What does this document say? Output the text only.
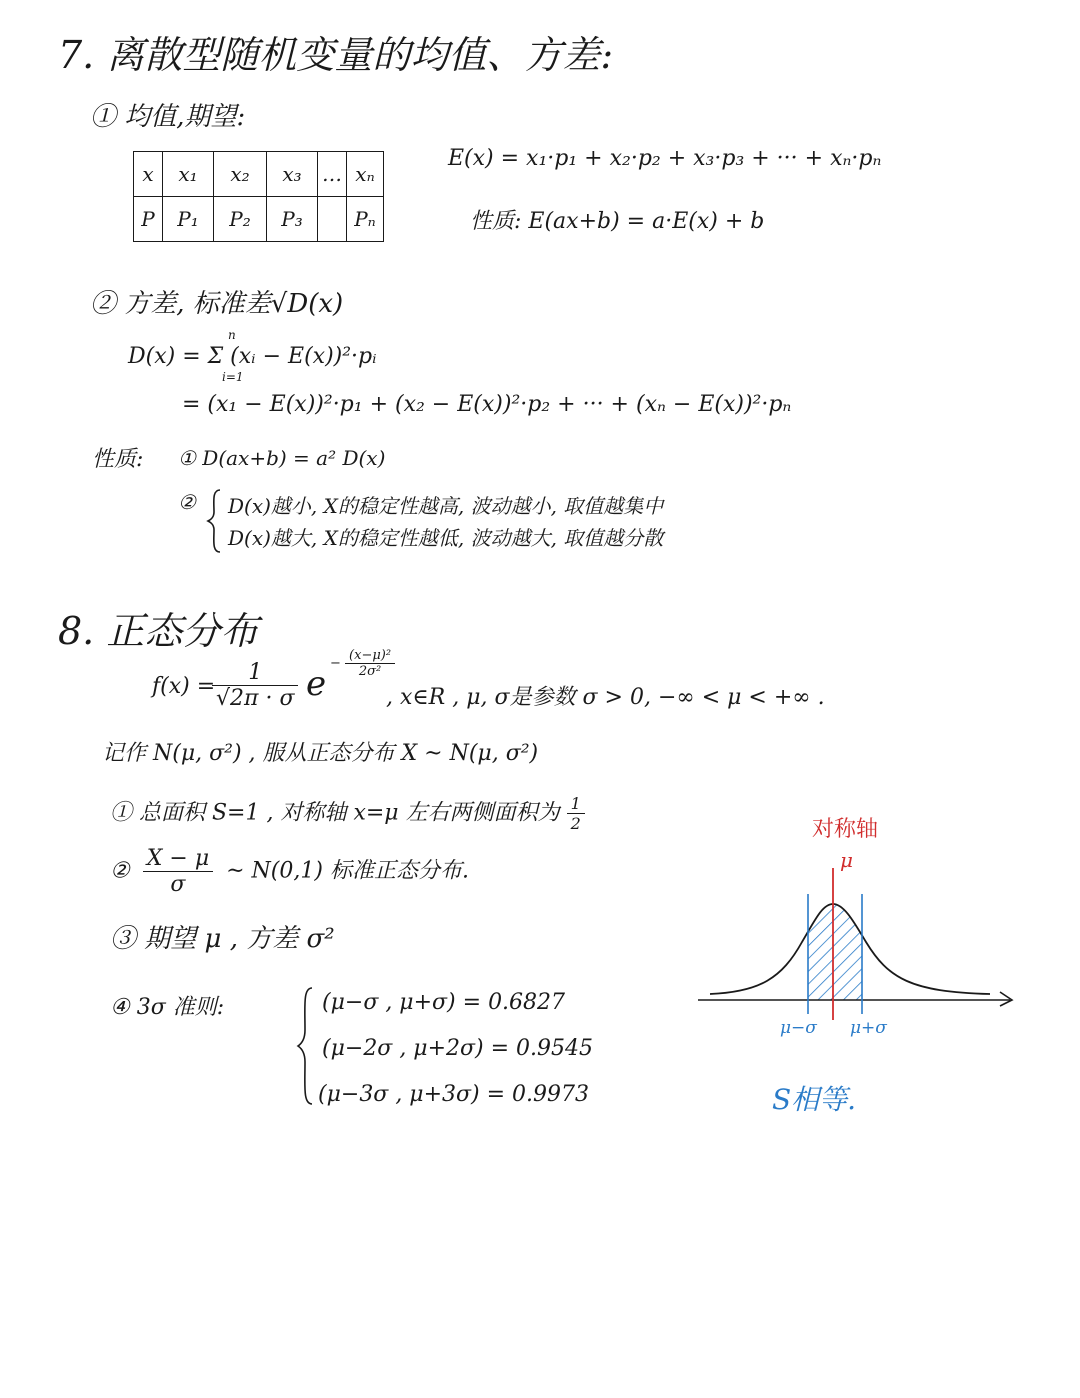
7. 离散型随机变量的均值、方差:
① 均值,期望:
x	x₁	x₂	x₃	…	xₙ
P	P₁	P₂	P₃		Pₙ
E(x) = x₁·p₁ + x₂·p₂ + x₃·p₃ + ··· + xₙ·pₙ
性质: E(ax+b) = a·E(x) + b
② 方差, 标准差√D(x)
D(x) = Σ (xᵢ − E(x))²·pᵢ
n
i=1
= (x₁ − E(x))²·p₁ + (x₂ − E(x))²·p₂ + ··· + (xₙ − E(x))²·pₙ
性质: ① D(ax+b) = a² D(x)
② D(x)越小, X的稳定性越高, 波动越小, 取值越集中
D(x)越大, X的稳定性越低, 波动越大, 取值越分散
8. 正态分布
f(x) =
$\frac{1}{√2\pi \cdot \sigma}$ e
− $\frac{\text{(x−μ)²}}{\text{2σ²}}$
, x∈R , μ, σ是参数 σ > 0, −∞ < μ < +∞ .
记作 N(μ, σ²) , 服从正态分布 X ~ N(μ, σ²)
① 总面积 S=1 , 对称轴 x=μ 左右两侧面积为 $\frac{1}{2}$
② $\frac{X - \mu}{\sigma}$ ~ N(0,1) 标准正态分布.
③ 期望 μ , 方差 σ²
④ 3σ 准则:	(μ−σ , μ+σ) = 0.6827
(μ−2σ , μ+2σ) = 0.9545
(μ−3σ , μ+3σ) = 0.9973
对称轴
μ
μ−σ μ+σ
S相等.
